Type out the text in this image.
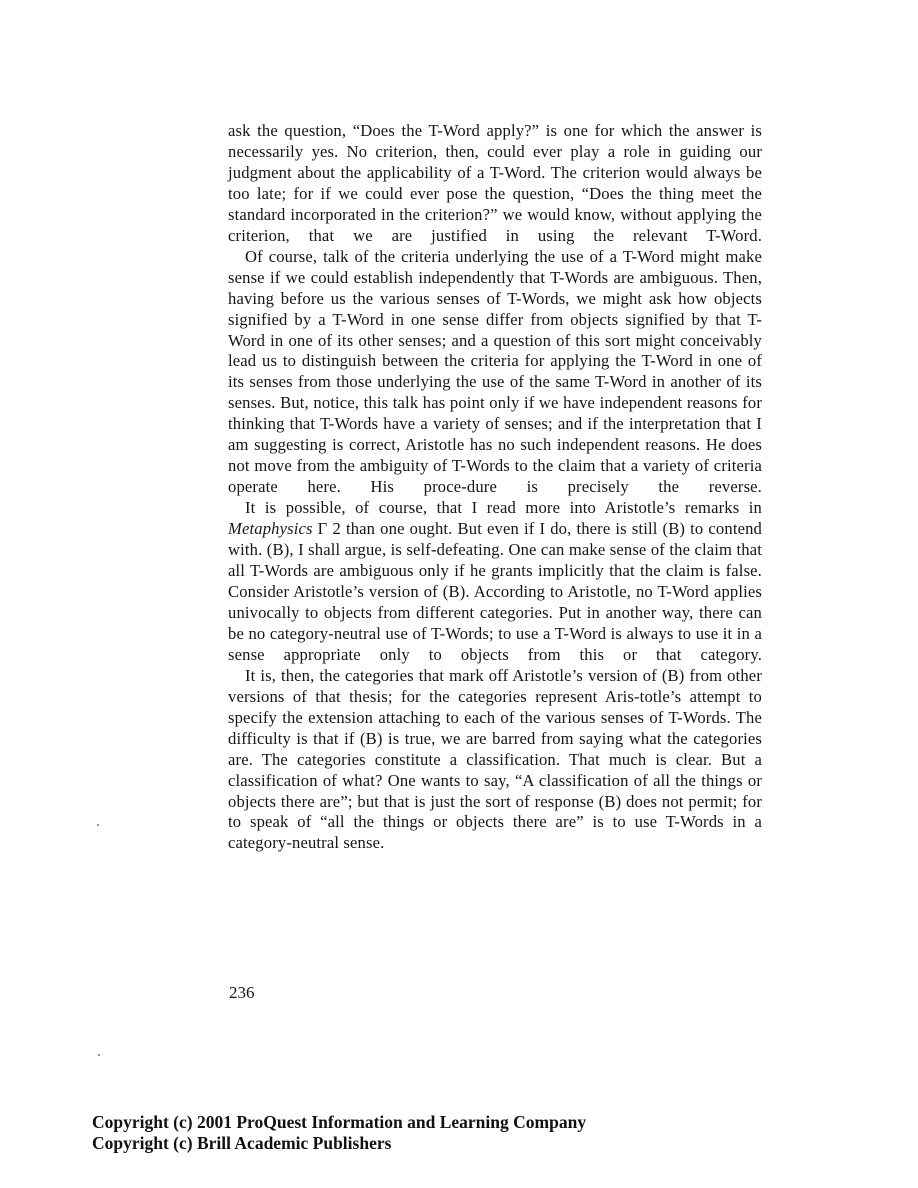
ask the question, “Does the T-Word apply?” is one for which the answer is necessarily yes. No criterion, then, could ever play a role in guiding our judgment about the applicability of a T-Word. The criterion would always be too late; for if we could ever pose the question, “Does the thing meet the standard incorporated in the criterion?” we would know, without applying the criterion, that we are justified in using the relevant T-Word.

Of course, talk of the criteria underlying the use of a T-Word might make sense if we could establish independently that T-Words are ambiguous. Then, having before us the various senses of T-Words, we might ask how objects signified by a T-Word in one sense differ from objects signified by that T-Word in one of its other senses; and a question of this sort might conceivably lead us to distinguish between the criteria for applying the T-Word in one of its senses from those underlying the use of the same T-Word in another of its senses. But, notice, this talk has point only if we have independent reasons for thinking that T-Words have a variety of senses; and if the interpretation that I am suggesting is correct, Aristotle has no such independent reasons. He does not move from the ambiguity of T-Words to the claim that a variety of criteria operate here. His proce-dure is precisely the reverse.

It is possible, of course, that I read more into Aristotle’s remarks in Metaphysics Γ 2 than one ought. But even if I do, there is still (B) to contend with. (B), I shall argue, is self-defeating. One can make sense of the claim that all T-Words are ambiguous only if he grants implicitly that the claim is false. Consider Aristotle’s version of (B). According to Aristotle, no T-Word applies univocally to objects from different categories. Put in another way, there can be no category-neutral use of T-Words; to use a T-Word is always to use it in a sense appropriate only to objects from this or that category.

It is, then, the categories that mark off Aristotle’s version of (B) from other versions of that thesis; for the categories represent Aris-totle’s attempt to specify the extension attaching to each of the various senses of T-Words. The difficulty is that if (B) is true, we are barred from saying what the categories are. The categories constitute a classification. That much is clear. But a classification of what? One wants to say, “A classification of all the things or objects there are”; but that is just the sort of response (B) does not permit; for to speak of “all the things or objects there are” is to use T-Words in a category-neutral sense.

236
Copyright (c) 2001 ProQuest Information and Learning Company
Copyright (c) Brill Academic Publishers
